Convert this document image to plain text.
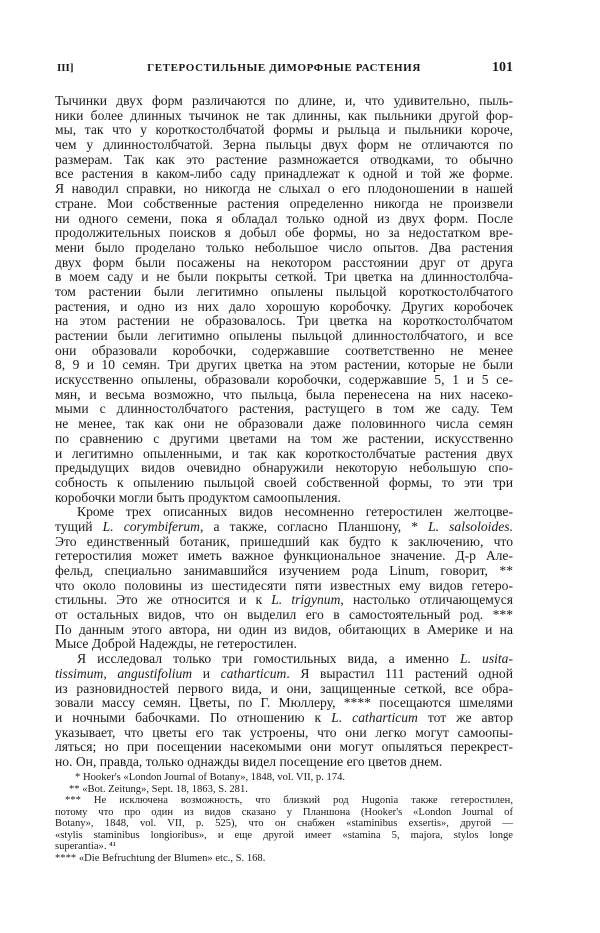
III]	ГЕТЕРОСТИЛЬНЫЕ ДИМОРФНЫЕ РАСТЕНИЯ	101
Тычинки двух форм различаются по длине, и, что удивительно, пыль-
ники более длинных тычинок не так длинны, как пыльники другой фор-
мы, так что у короткостолбчатой формы и рыльца и пыльники короче,
чем у длинностолбчатой. Зерна пыльцы двух форм не отличаются по
размерам. Так как это растение размножается отводками, то обычно
все растения в каком-либо саду принадлежат к одной и той же форме.
Я наводил справки, но никогда не слыхал о его плодоношении в нашей
стране. Мои собственные растения определенно никогда не произвели
ни одного семени, пока я обладал только одной из двух форм. После
продолжительных поисков я добыл обе формы, но за недостатком вре-
мени было проделано только небольшое число опытов. Два растения
двух форм были посажены на некотором расстоянии друг от друга
в моем саду и не были покрыты сеткой. Три цветка на длинностолбча-
том растении были легитимно опылены пыльцой короткостолбчатого
растения, и одно из них дало хорошую коробочку. Других коробочек
на этом растении не образовалось. Три цветка на короткостолбчатом
растении были легитимно опылены пыльцой длинностолбчатого, и все
они образовали коробочки, содержавшие соответственно не менее
8, 9 и 10 семян. Три других цветка на этом растении, которые не были
искусственно опылены, образовали коробочки, содержавшие 5, 1 и 5 се-
мян, и весьма возможно, что пыльца, была перенесена на них насеко-
мыми с длинностолбчатого растения, растущего в том же саду. Тем
не менее, так как они не образовали даже половинного числа семян
по сравнению с другими цветами на том же растении, искусственно
и легитимно опыленными, и так как короткостолбчатые растения двух
предыдущих видов очевидно обнаружили некоторую небольшую спо-
собность к опылению пыльцой своей собственной формы, то эти три
коробочки могли быть продуктом самоопыления.
Кроме трех описанных видов несомненно гетеростилен желтоцве-
тущий L. corymbiferum, а также, согласно Планшону, * L. salsoloides.
Это единственный ботаник, пришедший как будто к заключению, что
гетеростилия может иметь важное функциональное значение. Д-р Але-
фельд, специально занимавшийся изучением рода Linum, говорит, **
что около половины из шестидесяти пяти известных ему видов гетеро-
стильны. Это же относится и к L. trigynum, настолько отличающемуся
от остальных видов, что он выделил его в самостоятельный род. ***
По данным этого автора, ни один из видов, обитающих в Америке и на
Мысе Доброй Надежды, не гетеростилен.
Я исследовал только три гомостильных вида, а именно L. usita-
tissimum, angustifolium и catharticum. Я вырастил 111 растений одной
из разновидностей первого вида, и они, защищенные сеткой, все обра-
зовали массу семян. Цветы, по Г. Мюллеру, **** посещаются шмелями
и ночными бабочками. По отношению к L. catharticum тот же автор
указывает, что цветы его так устроены, что они легко могут самоопы-
ляться; но при посещении насекомыми они могут опыляться перекрест-
но. Он, правда, только однажды видел посещение его цветов днем.
* Hooker's «London Journal of Botany», 1848, vol. VII, p. 174.
** «Bot. Zeitung», Sept. 18, 1863, S. 281.
*** Не исключена возможность, что близкий род Hugonia также гетеростилен,
потому что про один из видов сказано у Планшона (Hooker's «London Journal of
Botany», 1848, vol. VII, p. 525), что он снабжен «staminibus exsertis», другой —
«stylis staminibus longioribus», и еще другой имеет «stamina 5, majora, stylos longe
superantia». ⁴¹
**** «Die Befruchtung der Blumen» etc., S. 168.
